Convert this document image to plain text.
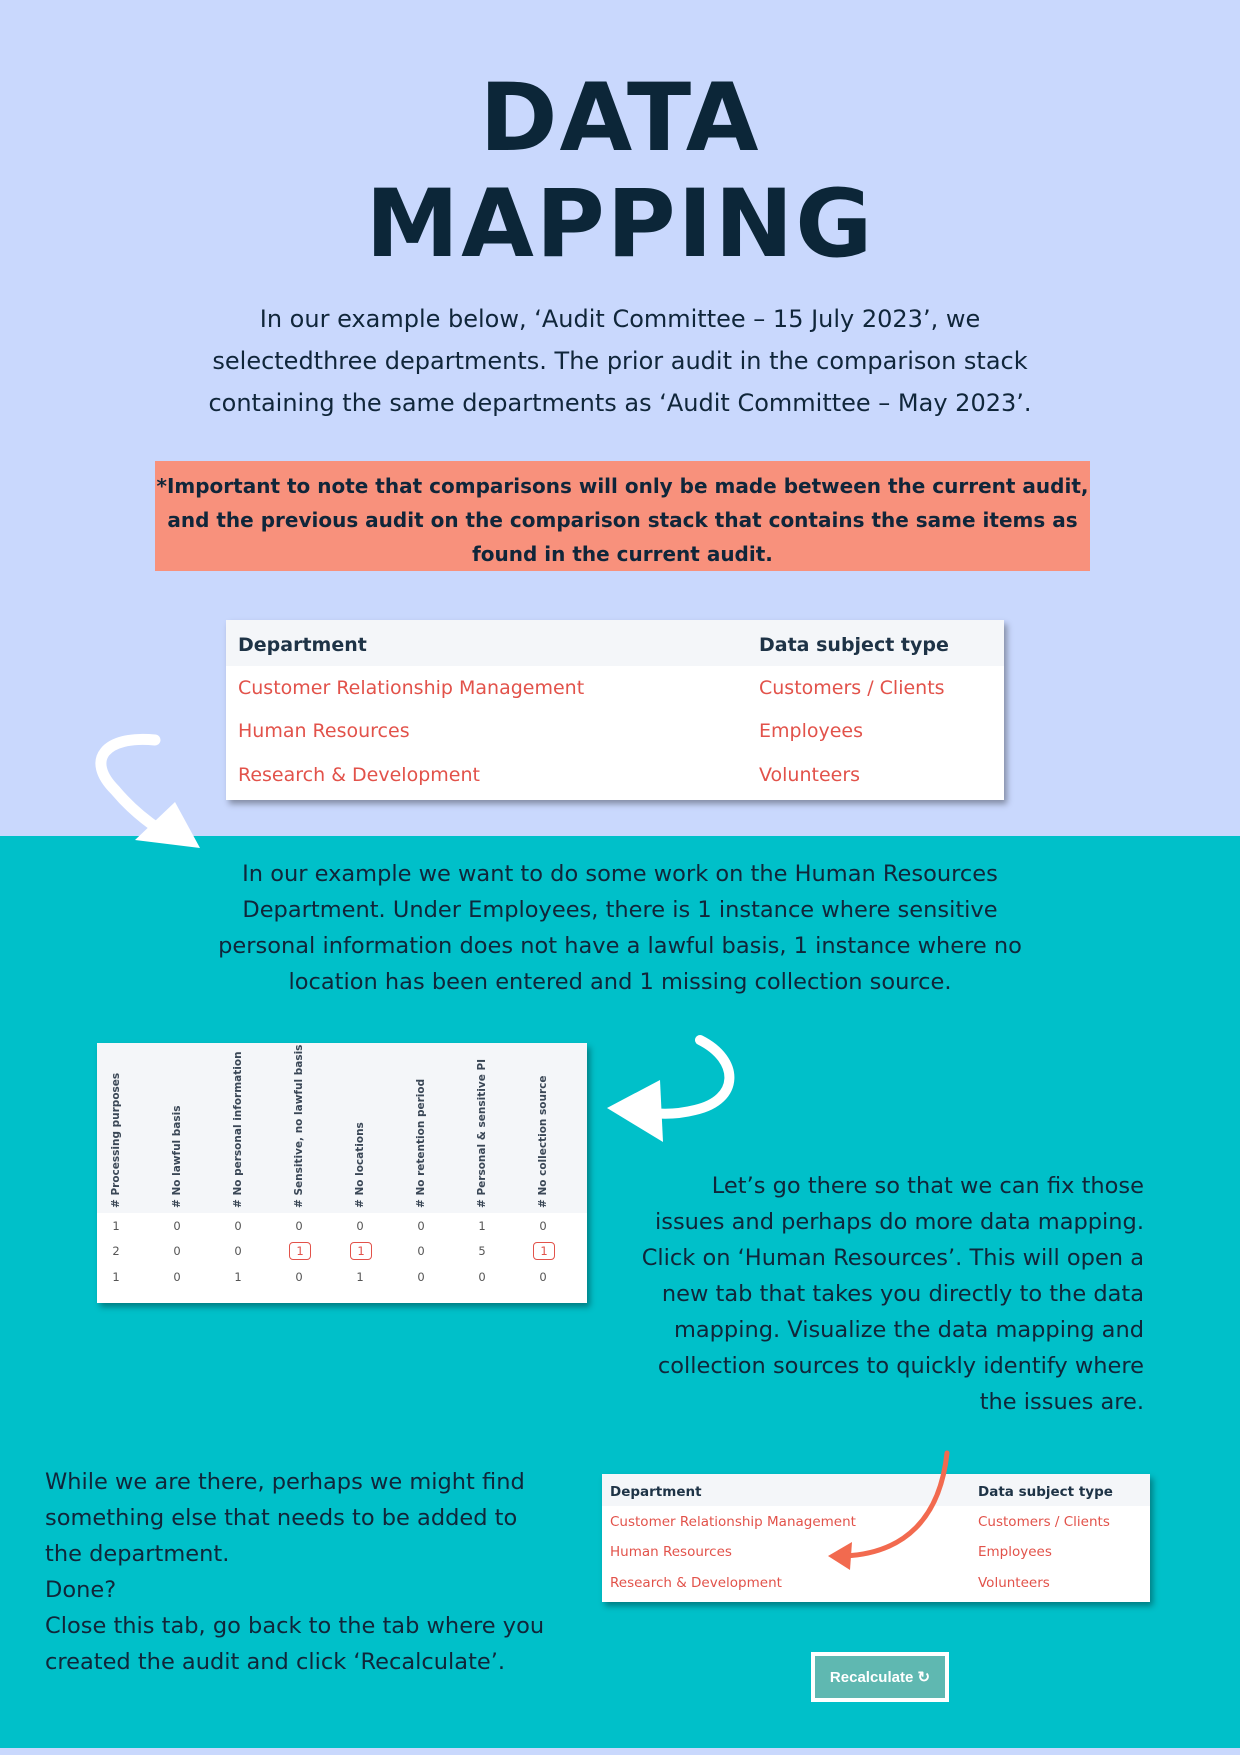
DATA
MAPPING
In our example below, ‘Audit Committee – 15 July 2023’, we
selectedthree departments. The prior audit in the comparison stack
containing the same departments as ‘Audit Committee – May 2023’.
*Important to note that comparisons will only be made between the current audit,
and the previous audit on the comparison stack that contains the same items as
found in the current audit.
Department	Data subject type
Customer Relationship Management	Customers / Clients
Human Resources	Employees
Research & Development	Volunteers
In our example we want to do some work on the Human Resources
Department. Under Employees, there is 1 instance where sensitive
personal information does not have a lawful basis, 1 instance where no
location has been entered and 1 missing collection source.
# Processing purposes	# No lawful basis	# No personal information	# Sensitive, no lawful basis	# No locations	# No retention period	# Personal & sensitive PI	# No collection source
1	0	0	0	0	0	1	0
2	0	0	1	1	0	5	1
1	0	1	0	1	0	0	0
Let’s go there so that we can fix those
issues and perhaps do more data mapping.
Click on ‘Human Resources’. This will open a
new tab that takes you directly to the data
mapping. Visualize the data mapping and
collection sources to quickly identify where
the issues are.
While we are there, perhaps we might find
something else that needs to be added to
the department.
Done?
Close this tab, go back to the tab where you
created the audit and click ‘Recalculate’.
Department	Data subject type
Customer Relationship Management	Customers / Clients
Human Resources	Employees
Research & Development	Volunteers
Recalculate ↻
